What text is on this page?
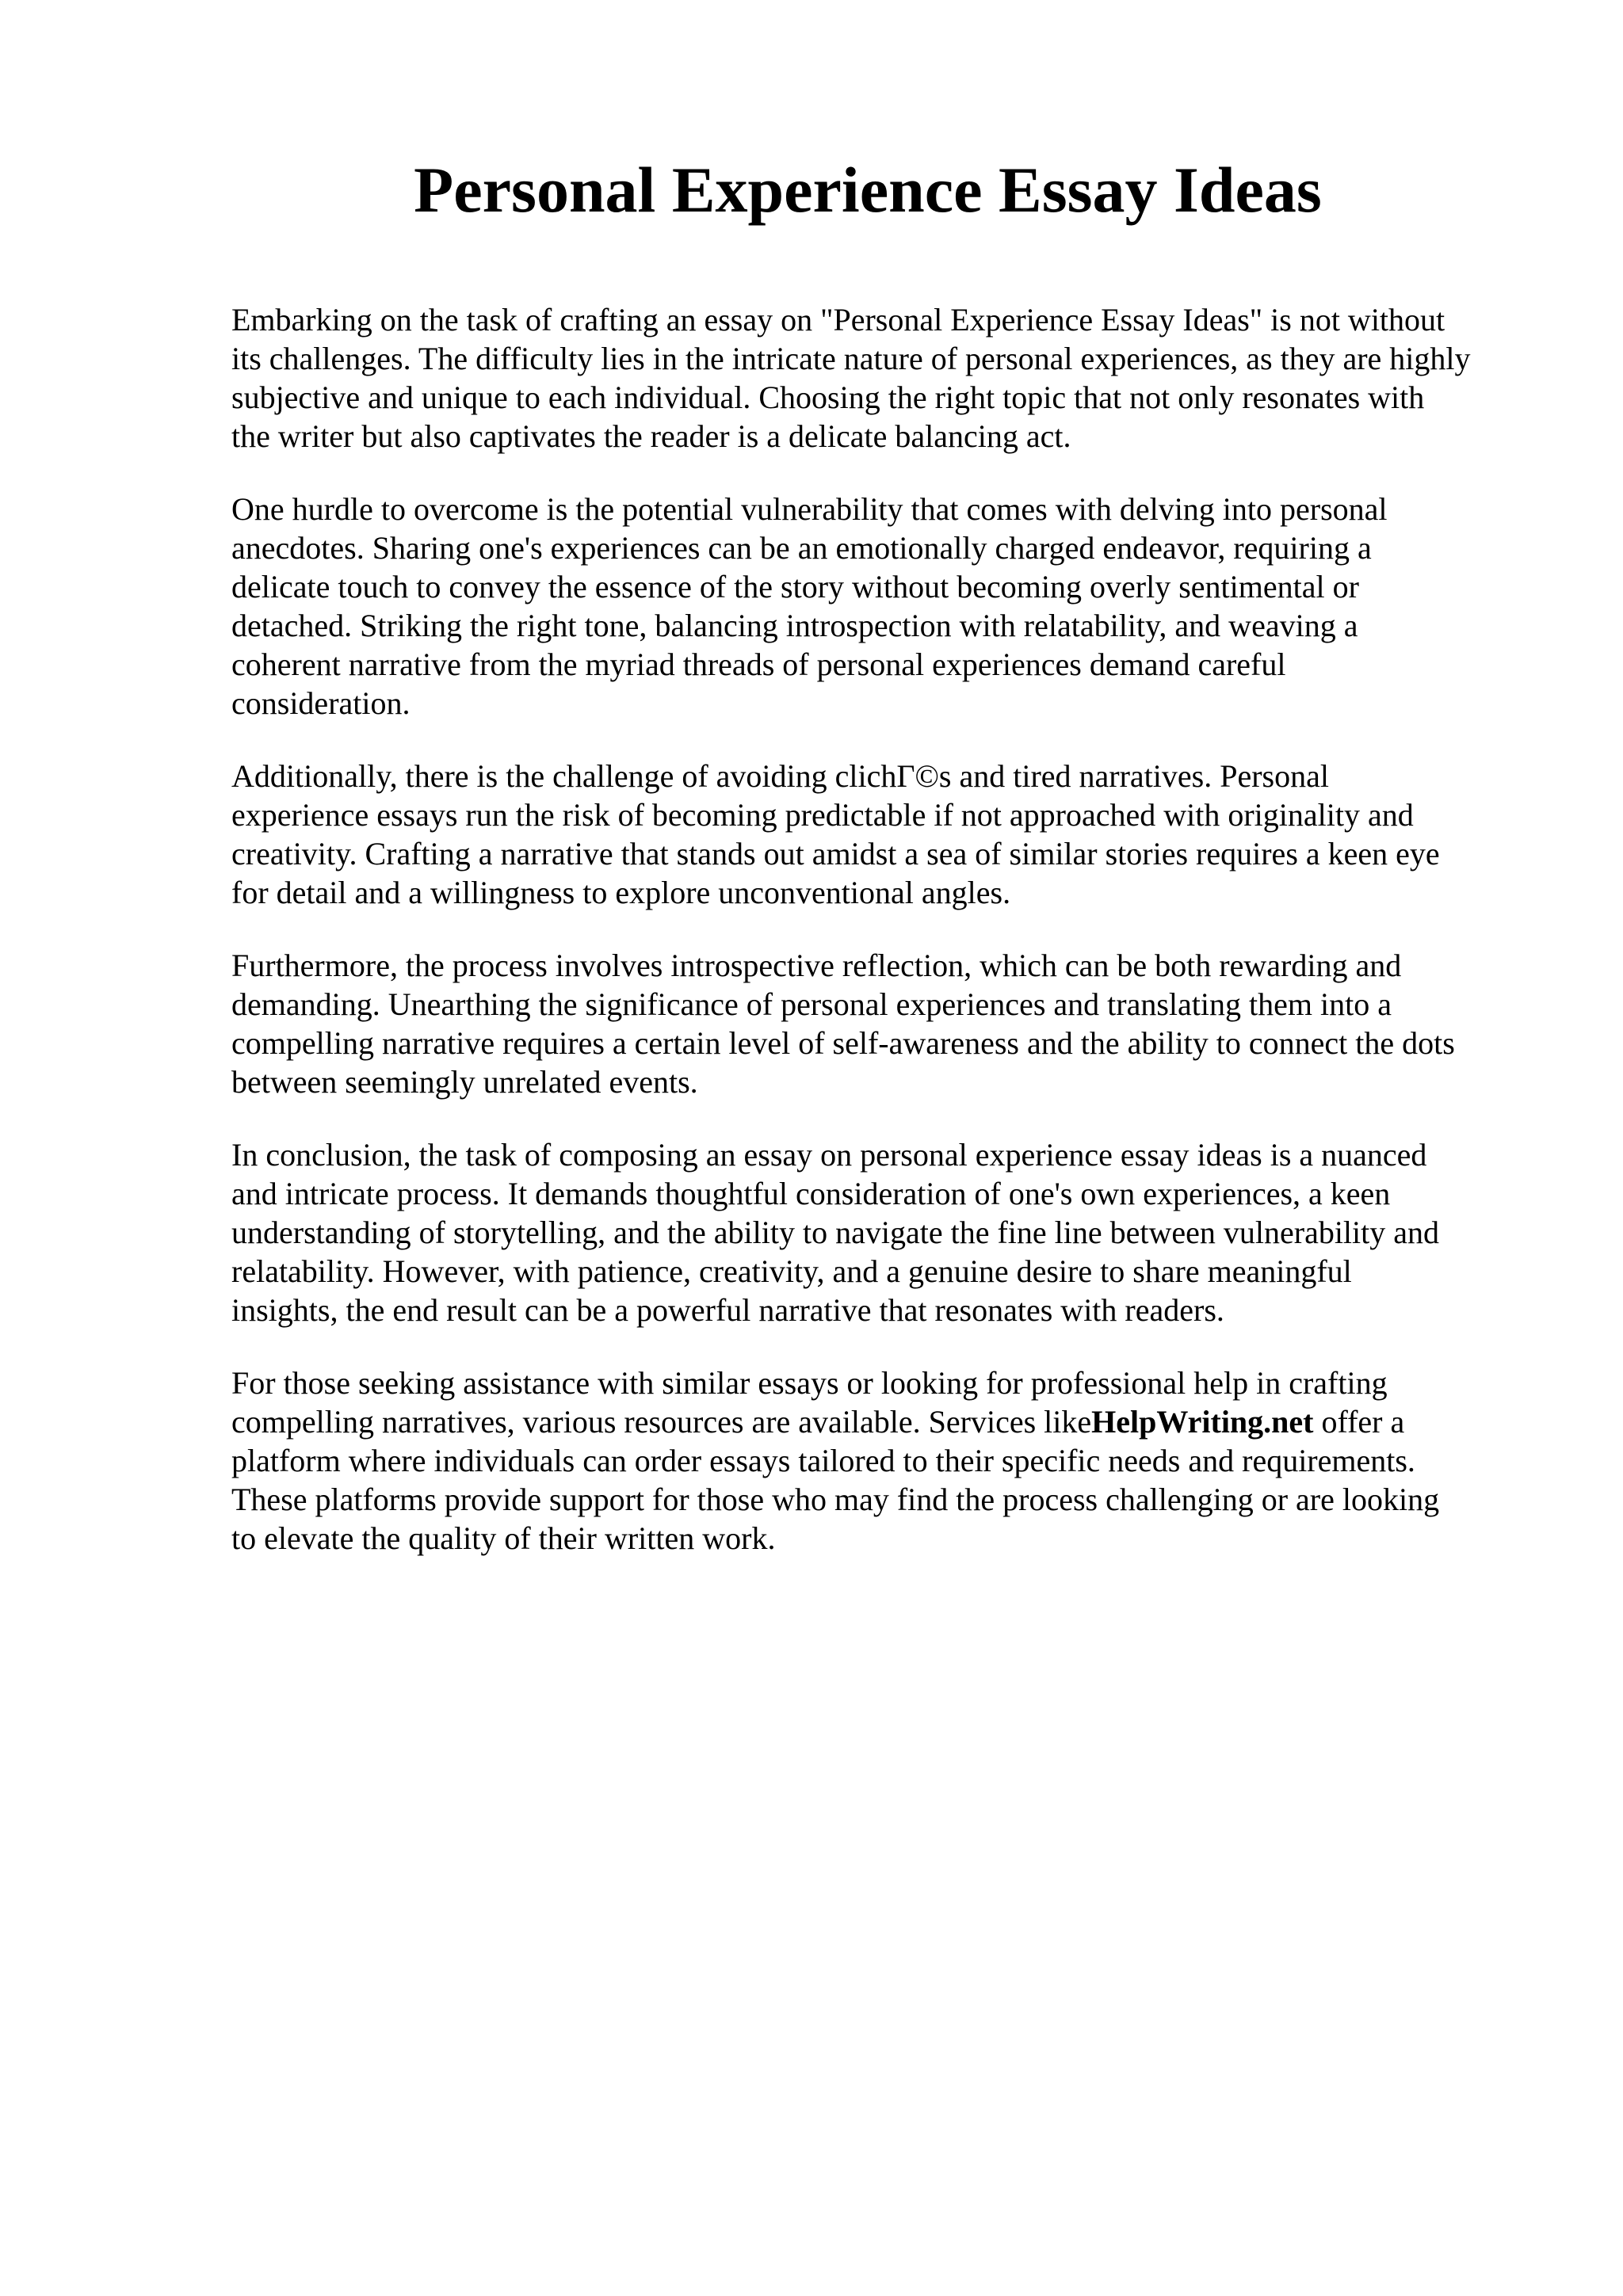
Personal Experience Essay Ideas

Embarking on the task of crafting an essay on "Personal Experience Essay Ideas" is not without
its challenges. The difficulty lies in the intricate nature of personal experiences, as they are highly
subjective and unique to each individual. Choosing the right topic that not only resonates with
the writer but also captivates the reader is a delicate balancing act.

One hurdle to overcome is the potential vulnerability that comes with delving into personal
anecdotes. Sharing one's experiences can be an emotionally charged endeavor, requiring a
delicate touch to convey the essence of the story without becoming overly sentimental or
detached. Striking the right tone, balancing introspection with relatability, and weaving a
coherent narrative from the myriad threads of personal experiences demand careful
consideration.

Additionally, there is the challenge of avoiding clichΓ©s and tired narratives. Personal
experience essays run the risk of becoming predictable if not approached with originality and
creativity. Crafting a narrative that stands out amidst a sea of similar stories requires a keen eye
for detail and a willingness to explore unconventional angles.

Furthermore, the process involves introspective reflection, which can be both rewarding and
demanding. Unearthing the significance of personal experiences and translating them into a
compelling narrative requires a certain level of self-awareness and the ability to connect the dots
between seemingly unrelated events.

In conclusion, the task of composing an essay on personal experience essay ideas is a nuanced
and intricate process. It demands thoughtful consideration of one's own experiences, a keen
understanding of storytelling, and the ability to navigate the fine line between vulnerability and
relatability. However, with patience, creativity, and a genuine desire to share meaningful
insights, the end result can be a powerful narrative that resonates with readers.

For those seeking assistance with similar essays or looking for professional help in crafting
compelling narratives, various resources are available. Services likeHelpWriting.net offer a
platform where individuals can order essays tailored to their specific needs and requirements.
These platforms provide support for those who may find the process challenging or are looking
to elevate the quality of their written work.
